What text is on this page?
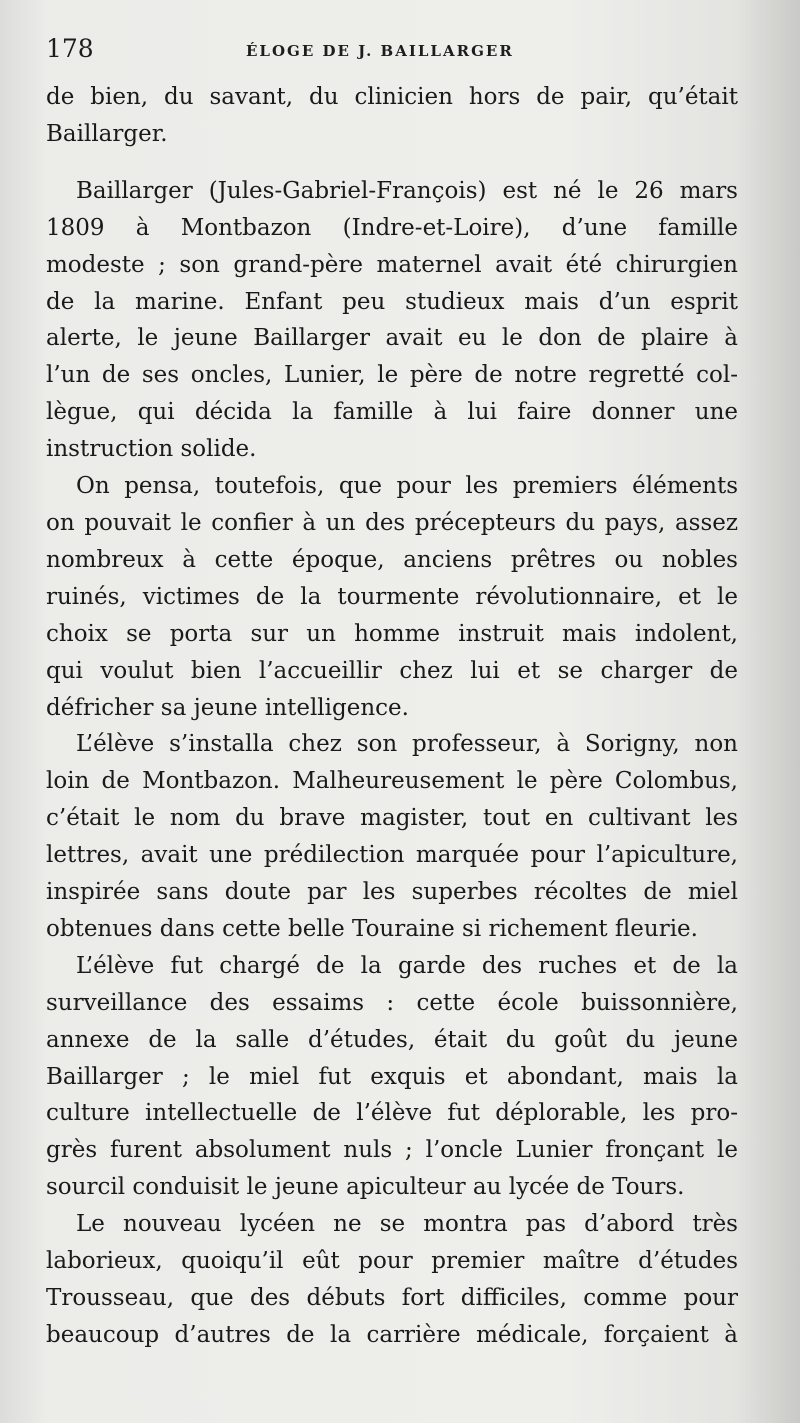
178	ÉLOGE DE J. BAILLARGER

de bien, du savant, du clinicien hors de pair, qu’était
Baillarger.

Baillarger (Jules-Gabriel-François) est né le 26 mars
1809 à Montbazon (Indre-et-Loire), d’une famille
modeste ; son grand-père maternel avait été chirurgien
de la marine. Enfant peu studieux mais d’un esprit
alerte, le jeune Baillarger avait eu le don de plaire à
l’un de ses oncles, Lunier, le père de notre regretté col-
lègue, qui décida la famille à lui faire donner une
instruction solide.

On pensa, toutefois, que pour les premiers éléments
on pouvait le confier à un des précepteurs du pays, assez
nombreux à cette époque, anciens prêtres ou nobles
ruinés, victimes de la tourmente révolutionnaire, et le
choix se porta sur un homme instruit mais indolent,
qui voulut bien l’accueillir chez lui et se charger de
défricher sa jeune intelligence.

L’élève s’installa chez son professeur, à Sorigny, non
loin de Montbazon. Malheureusement le père Colombus,
c’était le nom du brave magister, tout en cultivant les
lettres, avait une prédilection marquée pour l’apiculture,
inspirée sans doute par les superbes récoltes de miel
obtenues dans cette belle Touraine si richement fleurie.

L’élève fut chargé de la garde des ruches et de la
surveillance des essaims : cette école buissonnière,
annexe de la salle d’études, était du goût du jeune
Baillarger ; le miel fut exquis et abondant, mais la
culture intellectuelle de l’élève fut déplorable, les pro-
grès furent absolument nuls ; l’oncle Lunier fronçant le
sourcil conduisit le jeune apiculteur au lycée de Tours.

Le nouveau lycéen ne se montra pas d’abord très
laborieux, quoiqu’il eût pour premier maître d’études
Trousseau, que des débuts fort difficiles, comme pour
beaucoup d’autres de la carrière médicale, forçaient à
